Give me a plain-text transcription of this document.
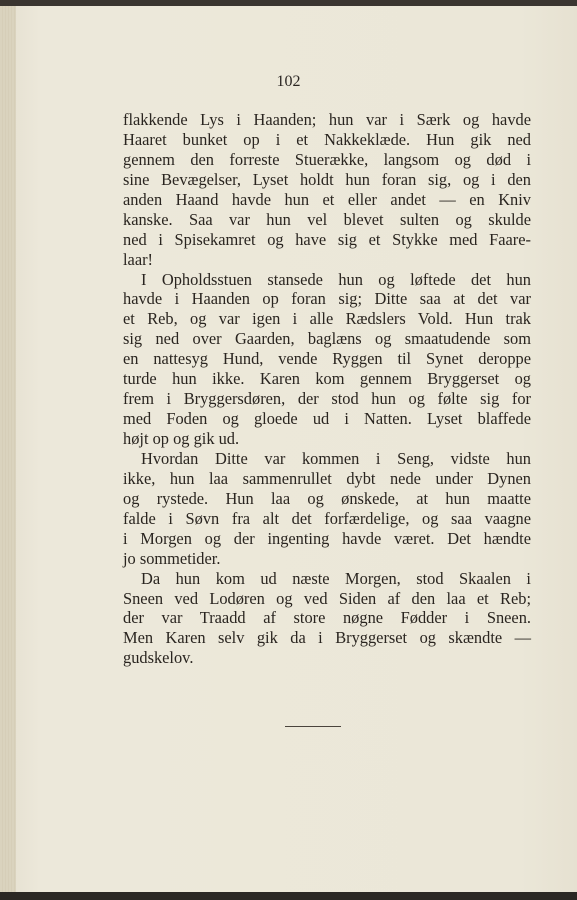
102
flakkende Lys i Haanden; hun var i Særk og havde
Haaret bunket op i et Nakkeklæde. Hun gik ned
gennem den forreste Stuerække, langsom og død i
sine Bevægelser, Lyset holdt hun foran sig, og i den
anden Haand havde hun et eller andet — en Kniv
kanske. Saa var hun vel blevet sulten og skulde
ned i Spisekamret og have sig et Stykke med Faare-
laar!
I Opholdsstuen stansede hun og løftede det hun
havde i Haanden op foran sig; Ditte saa at det var
et Reb, og var igen i alle Rædslers Vold. Hun trak
sig ned over Gaarden, baglæns og smaatudende som
en nattesyg Hund, vende Ryggen til Synet deroppe
turde hun ikke. Karen kom gennem Bryggerset og
frem i Bryggersdøren, der stod hun og følte sig for
med Foden og gloede ud i Natten. Lyset blaffede
højt op og gik ud.
Hvordan Ditte var kommen i Seng, vidste hun
ikke, hun laa sammenrullet dybt nede under Dynen
og rystede. Hun laa og ønskede, at hun maatte
falde i Søvn fra alt det forfærdelige, og saa vaagne
i Morgen og der ingenting havde været. Det hændte
jo sommetider.
Da hun kom ud næste Morgen, stod Skaalen i
Sneen ved Lodøren og ved Siden af den laa et Reb;
der var Traadd af store nøgne Fødder i Sneen.
Men Karen selv gik da i Bryggerset og skændte —
gudskelov.
